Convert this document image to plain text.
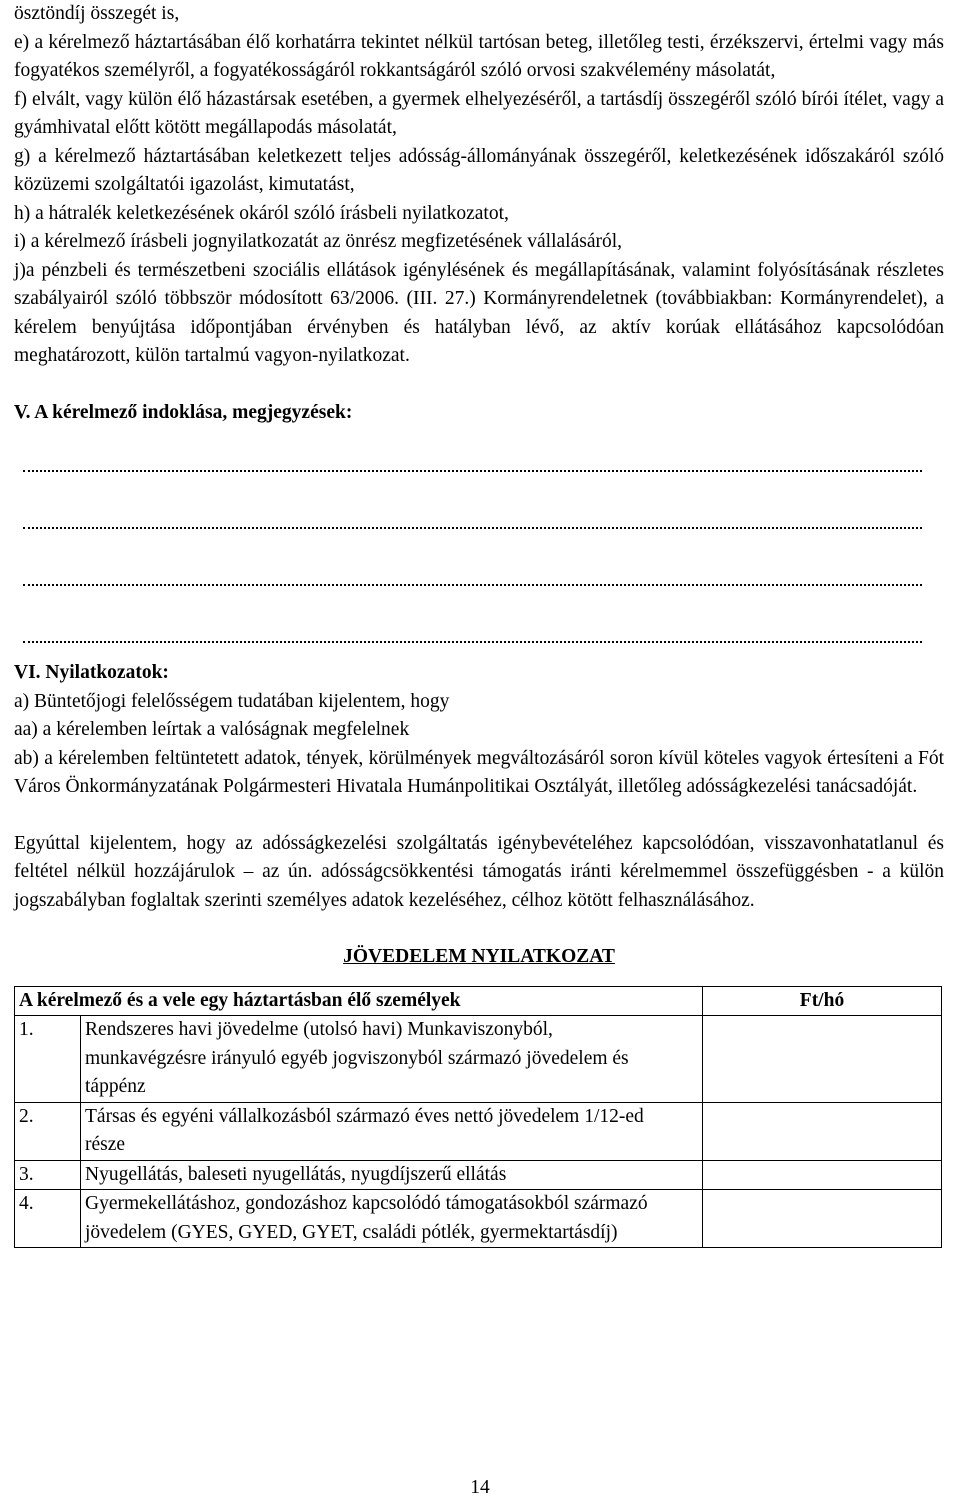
ösztöndíj összegét is,

e) a kérelmező háztartásában élő korhatárra tekintet nélkül tartósan beteg, illetőleg testi, érzékszervi, értelmi vagy más fogyatékos személyről, a fogyatékosságáról rokkantságáról szóló orvosi szakvélemény másolatát,

f) elvált, vagy külön élő házastársak esetében, a gyermek elhelyezéséről, a tartásdíj összegéről szóló bírói ítélet, vagy a gyámhivatal előtt kötött megállapodás másolatát,

g) a kérelmező háztartásában keletkezett teljes adósság-állományának összegéről, keletkezésének időszakáról szóló közüzemi szolgáltatói igazolást, kimutatást,

h) a hátralék keletkezésének okáról szóló írásbeli nyilatkozatot,

i) a kérelmező írásbeli jognyilatkozatát az önrész megfizetésének vállalásáról,

j)a pénzbeli és természetbeni szociális ellátások igénylésének és megállapításának, valamint folyósításának részletes szabályairól szóló többször módosított 63/2006. (III. 27.) Kormányrendeletnek (továbbiakban: Kormányrendelet), a kérelem benyújtása időpontjában érvényben és hatályban lévő, az aktív korúak ellátásához kapcsolódóan meghatározott, külön tartalmú vagyon-nyilatkozat.

V. A kérelmező indoklása, megjegyzések:

VI. Nyilatkozatok:

a) Büntetőjogi felelősségem tudatában kijelentem, hogy

aa) a kérelemben leírtak a valóságnak megfelelnek

ab) a kérelemben feltüntetett adatok, tények, körülmények megváltozásáról soron kívül köteles vagyok értesíteni a Fót Város Önkormányzatának Polgármesteri Hivatala Humánpolitikai Osztályát, illetőleg adósságkezelési tanácsadóját.

Egyúttal kijelentem, hogy az adósságkezelési szolgáltatás igénybevételéhez kapcsolódóan, visszavonhatatlanul és feltétel nélkül hozzájárulok – az ún. adósságcsökkentési támogatás iránti kérelmemmel összefüggésben - a külön jogszabályban foglaltak szerinti személyes adatok kezeléséhez, célhoz kötött felhasználásához.

JÖVEDELEM NYILATKOZAT

A kérelmező és a vele egy háztartásban élő személyek		Ft/hó
1.	Rendszeres havi jövedelme (utolsó havi) Munkaviszonyból, munkavégzésre irányuló egyéb jogviszonyból származó jövedelem és táppénz	
2.	Társas és egyéni vállalkozásból származó éves nettó jövedelem 1/12-ed része	
3.	Nyugellátás, baleseti nyugellátás, nyugdíjszerű ellátás	
4.	Gyermekellátáshoz, gondozáshoz kapcsolódó támogatásokból származó jövedelem (GYES, GYED, GYET, családi pótlék, gyermektartásdíj)	
14
